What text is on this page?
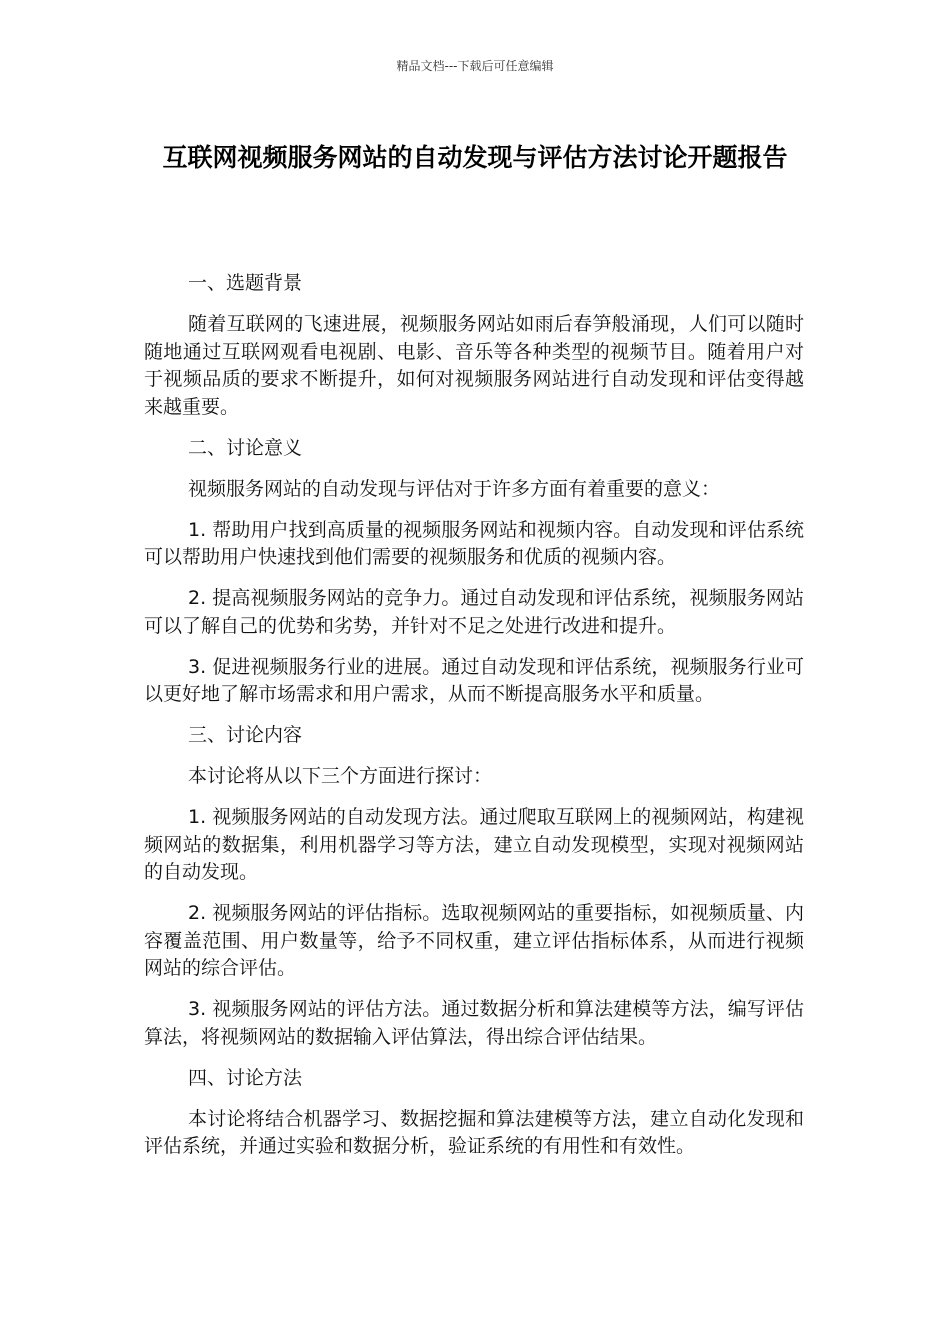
精品文档---下载后可任意编辑
互联网视频服务网站的自动发现与评估方法讨论开题报告

一、选题背景

随着互联网的飞速进展，视频服务网站如雨后春笋般涌现，人们可以随时随地通过互联网观看电视剧、电影、音乐等各种类型的视频节目。随着用户对于视频品质的要求不断提升，如何对视频服务网站进行自动发现和评估变得越来越重要。

二、讨论意义

视频服务网站的自动发现与评估对于许多方面有着重要的意义：

1. 帮助用户找到高质量的视频服务网站和视频内容。自动发现和评估系统可以帮助用户快速找到他们需要的视频服务和优质的视频内容。

2. 提高视频服务网站的竞争力。通过自动发现和评估系统，视频服务网站可以了解自己的优势和劣势，并针对不足之处进行改进和提升。

3. 促进视频服务行业的进展。通过自动发现和评估系统，视频服务行业可以更好地了解市场需求和用户需求，从而不断提高服务水平和质量。

三、讨论内容

本讨论将从以下三个方面进行探讨：

1. 视频服务网站的自动发现方法。通过爬取互联网上的视频网站，构建视频网站的数据集，利用机器学习等方法，建立自动发现模型，实现对视频网站的自动发现。

2. 视频服务网站的评估指标。选取视频网站的重要指标，如视频质量、内容覆盖范围、用户数量等，给予不同权重，建立评估指标体系，从而进行视频网站的综合评估。

3. 视频服务网站的评估方法。通过数据分析和算法建模等方法，编写评估算法，将视频网站的数据输入评估算法，得出综合评估结果。

四、讨论方法

本讨论将结合机器学习、数据挖掘和算法建模等方法，建立自动化发现和评估系统，并通过实验和数据分析，验证系统的有用性和有效性。
